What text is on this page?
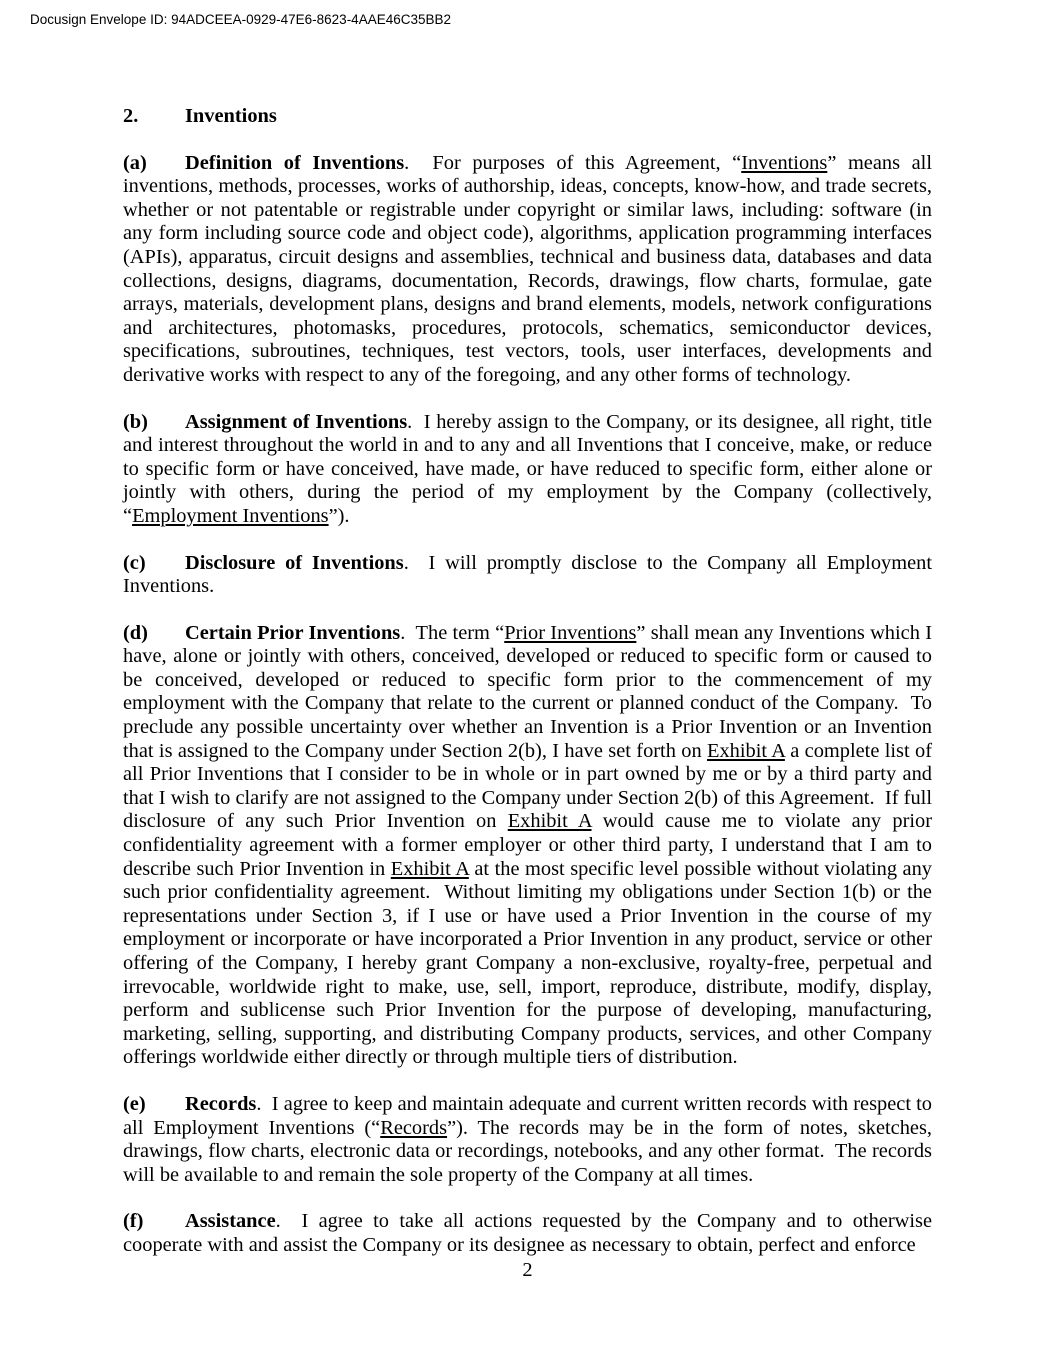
Docusign Envelope ID: 94ADCEEA-0929-47E6-8623-4AAE46C35BB2
2. Inventions
(a) Definition of Inventions.  For purposes of this Agreement, “Inventions” means all inventions, methods, processes, works of authorship, ideas, concepts, know-how, and trade secrets, whether or not patentable or registrable under copyright or similar laws, including: software (in any form including source code and object code), algorithms, application programming interfaces (APIs), apparatus, circuit designs and assemblies, technical and business data, databases and data collections, designs, diagrams, documentation, Records, drawings, flow charts, formulae, gate arrays, materials, development plans, designs and brand elements, models, network configurations and architectures, photomasks, procedures, protocols, schematics, semiconductor devices, specifications, subroutines, techniques, test vectors, tools, user interfaces, developments and derivative works with respect to any of the foregoing, and any other forms of technology.
(b) Assignment of Inventions.  I hereby assign to the Company, or its designee, all right, title and interest throughout the world in and to any and all Inventions that I conceive, make, or reduce to specific form or have conceived, have made, or have reduced to specific form, either alone or jointly with others, during the period of my employment by the Company (collectively, “Employment Inventions”).
(c) Disclosure of Inventions.  I will promptly disclose to the Company all Employment Inventions.
(d) Certain Prior Inventions.  The term “Prior Inventions” shall mean any Inventions which I have, alone or jointly with others, conceived, developed or reduced to specific form or caused to be conceived, developed or reduced to specific form prior to the commencement of my employment with the Company that relate to the current or planned conduct of the Company.  To preclude any possible uncertainty over whether an Invention is a Prior Invention or an Invention that is assigned to the Company under Section 2(b), I have set forth on Exhibit A a complete list of all Prior Inventions that I consider to be in whole or in part owned by me or by a third party and that I wish to clarify are not assigned to the Company under Section 2(b) of this Agreement.  If full disclosure of any such Prior Invention on Exhibit A would cause me to violate any prior confidentiality agreement with a former employer or other third party, I understand that I am to describe such Prior Invention in Exhibit A at the most specific level possible without violating any such prior confidentiality agreement.  Without limiting my obligations under Section 1(b) or the representations under Section 3, if I use or have used a Prior Invention in the course of my employment or incorporate or have incorporated a Prior Invention in any product, service or other offering of the Company, I hereby grant Company a non-exclusive, royalty-free, perpetual and irrevocable, worldwide right to make, use, sell, import, reproduce, distribute, modify, display, perform and sublicense such Prior Invention for the purpose of developing, manufacturing, marketing, selling, supporting, and distributing Company products, services, and other Company offerings worldwide either directly or through multiple tiers of distribution.
(e) Records.  I agree to keep and maintain adequate and current written records with respect to all Employment Inventions (“Records”). The records may be in the form of notes, sketches, drawings, flow charts, electronic data or recordings, notebooks, and any other format.  The records will be available to and remain the sole property of the Company at all times.
(f) Assistance.  I agree to take all actions requested by the Company and to otherwise cooperate with and assist the Company or its designee as necessary to obtain, perfect and enforce
2
